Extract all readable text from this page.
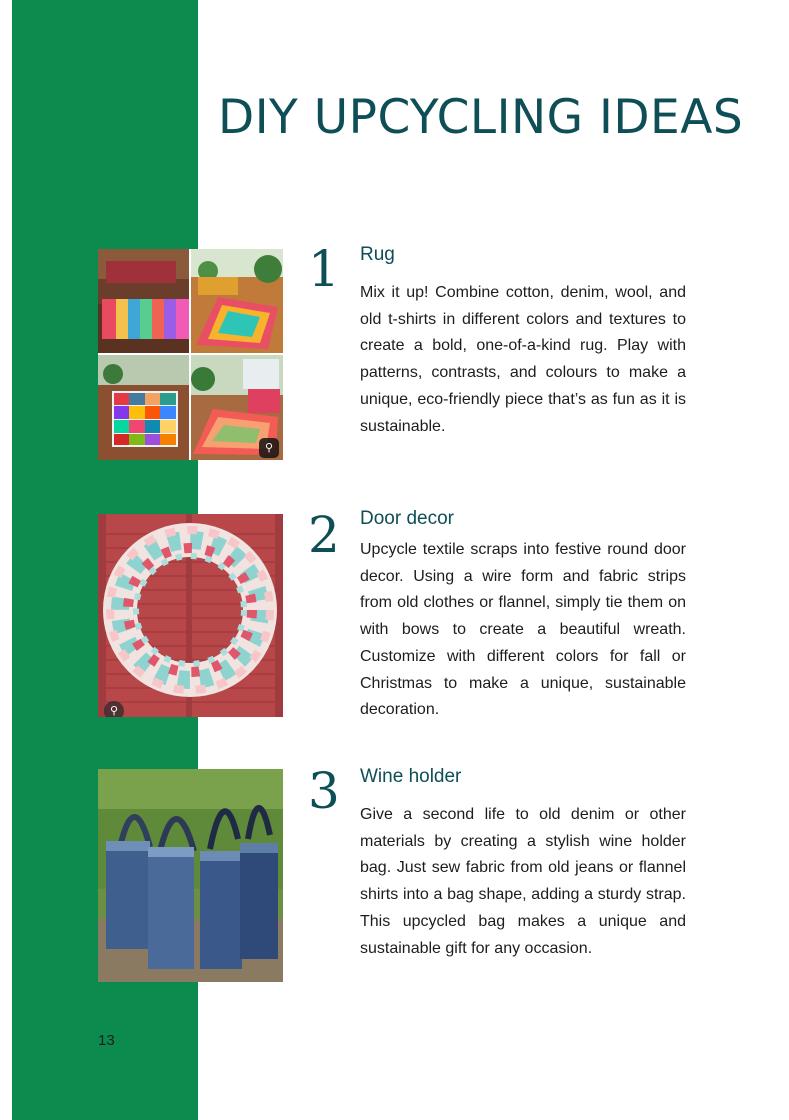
DIY UPCYCLING IDEAS
⚲
1 Rug

Mix it up! Combine cotton, denim, wool, and old t-shirts in different colors and textures to create a bold, one-of-a-kind rug. Play with patterns, contrasts, and colours to make a unique, eco-friendly piece that’s as fun as it is sustainable.

⚲
2 Door decor

Upcycle textile scraps into festive round door decor. Using a wire form and fabric strips from old clothes or flannel, simply tie them on with bows to create a beautiful wreath. Customize with different colors for fall or Christmas to make a unique, sustainable decoration.

3 Wine holder

Give a second life to old denim or other materials by creating a stylish wine holder bag. Just sew fabric from old jeans or flannel shirts into a bag shape, adding a sturdy strap. This upcycled bag makes a unique and sustainable gift for any occasion.

13
